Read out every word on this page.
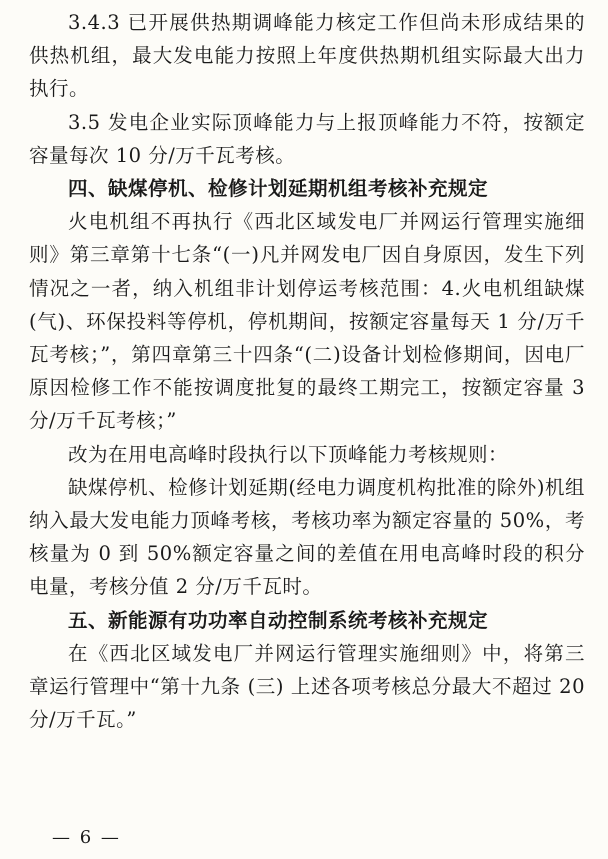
3.4.3 已开展供热期调峰能力核定工作但尚未形成结果的供热机组，最大发电能力按照上年度供热期机组实际最大出力执行。

3.5 发电企业实际顶峰能力与上报顶峰能力不符，按额定容量每次 10 分/万千瓦考核。

四、缺煤停机、检修计划延期机组考核补充规定

火电机组不再执行《西北区域发电厂并网运行管理实施细则》第三章第十七条“(一)凡并网发电厂因自身原因，发生下列情况之一者，纳入机组非计划停运考核范围：4.火电机组缺煤(气)、环保投料等停机，停机期间，按额定容量每天 1 分/万千瓦考核；”，第四章第三十四条“(二)设备计划检修期间，因电厂原因检修工作不能按调度批复的最终工期完工，按额定容量 3 分/万千瓦考核；”

改为在用电高峰时段执行以下顶峰能力考核规则：

缺煤停机、检修计划延期(经电力调度机构批准的除外)机组纳入最大发电能力顶峰考核，考核功率为额定容量的 50%，考核量为 0 到 50%额定容量之间的差值在用电高峰时段的积分电量，考核分值 2 分/万千瓦时。

五、新能源有功功率自动控制系统考核补充规定

在《西北区域发电厂并网运行管理实施细则》中，将第三章运行管理中“第十九条 (三) 上述各项考核总分最大不超过 20 分/万千瓦。”

— 6 —
